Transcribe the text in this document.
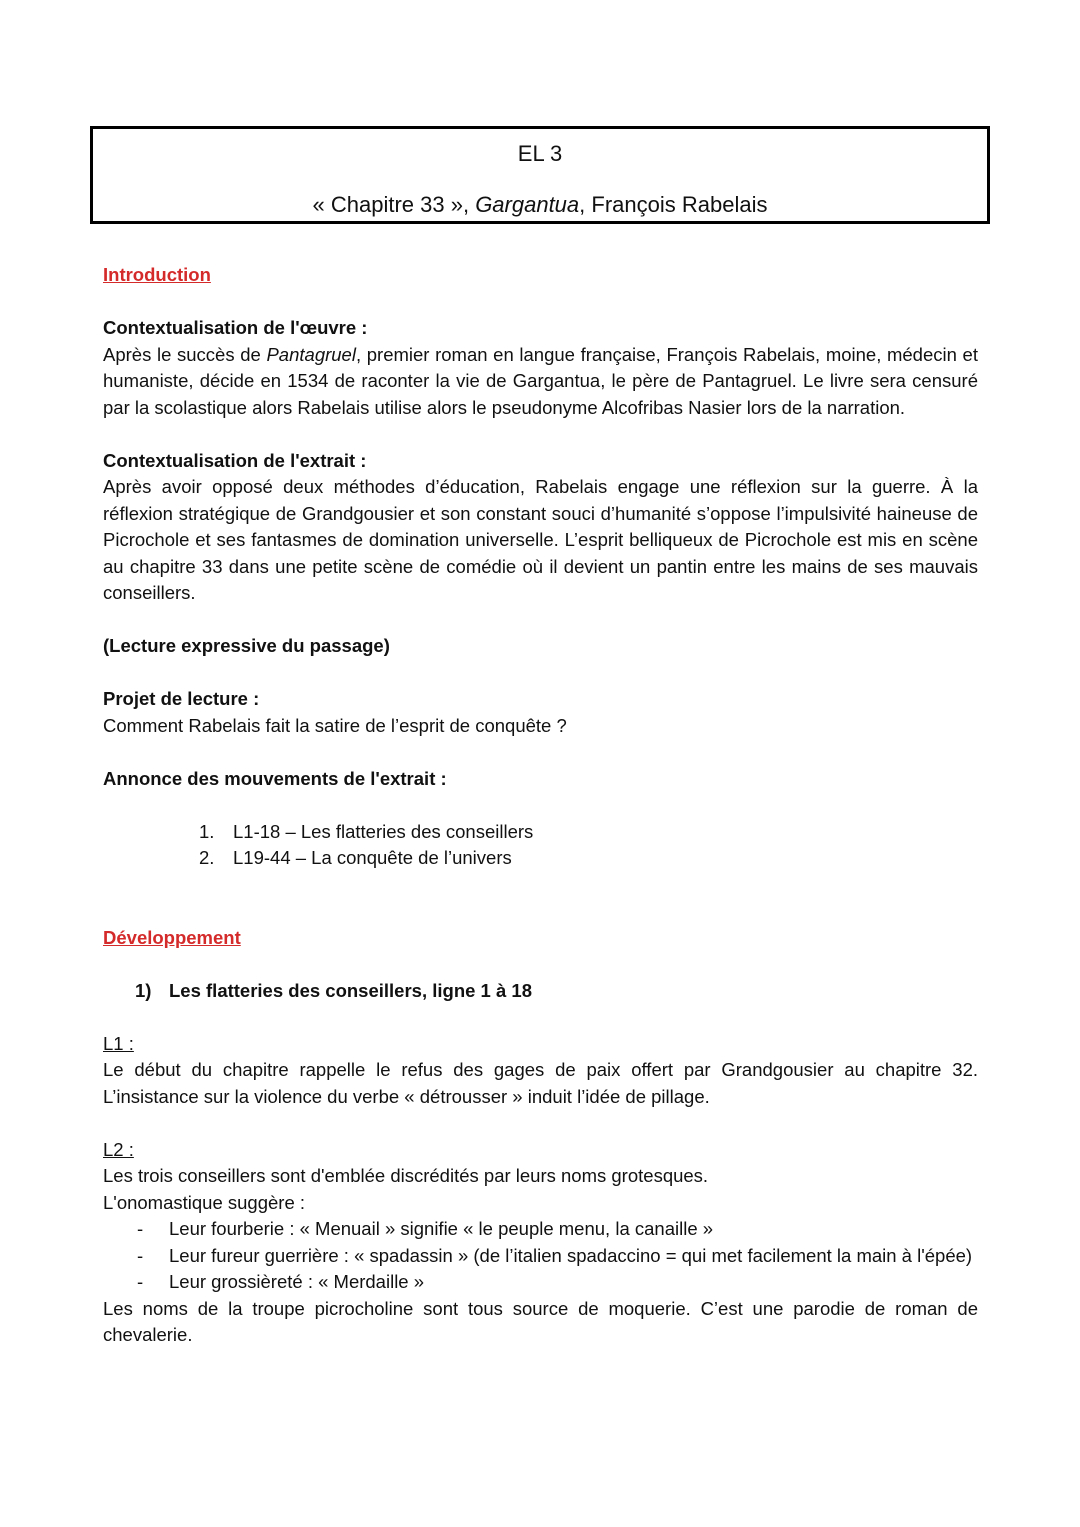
EL 3
« Chapitre 33 », Gargantua, François Rabelais

Introduction

Contextualisation de l'œuvre :

Après le succès de Pantagruel, premier roman en langue française, François Rabelais, moine, médecin et humaniste, décide en 1534 de raconter la vie de Gargantua, le père de Pantagruel. Le livre sera censuré par la scolastique alors Rabelais utilise alors le pseudonyme Alcofribas Nasier lors de la narration.

Contextualisation de l'extrait :

Après avoir opposé deux méthodes d’éducation, Rabelais engage une réflexion sur la guerre. À la réflexion stratégique de Grandgousier et son constant souci d’humanité s’oppose l’impulsivité haineuse de Picrochole et ses fantasmes de domination universelle. L’esprit belliqueux de Picrochole est mis en scène au chapitre 33 dans une petite scène de comédie où il devient un pantin entre les mains de ses mauvais conseillers.

(Lecture expressive du passage)

Projet de lecture :

Comment Rabelais fait la satire de l’esprit de conquête ?

Annonce des mouvements de l'extrait :

1. L1-18 – Les flatteries des conseillers
2. L19-44 – La conquête de l’univers

Développement

1) Les flatteries des conseillers, ligne 1 à 18

L1 :

Le début du chapitre rappelle le refus des gages de paix offert par Grandgousier au chapitre 32. L’insistance sur la violence du verbe « détrousser » induit l’idée de pillage.

L2 :

Les trois conseillers sont d'emblée discrédités par leurs noms grotesques.

L'onomastique suggère :

- Leur fourberie : « Menuail » signifie « le peuple menu, la canaille »
- Leur fureur guerrière : « spadassin » (de l’italien spadaccino = qui met facilement la main à l'épée)
- Leur grossièreté : « Merdaille »

Les noms de la troupe picrocholine sont tous source de moquerie. C’est une parodie de roman de chevalerie.
